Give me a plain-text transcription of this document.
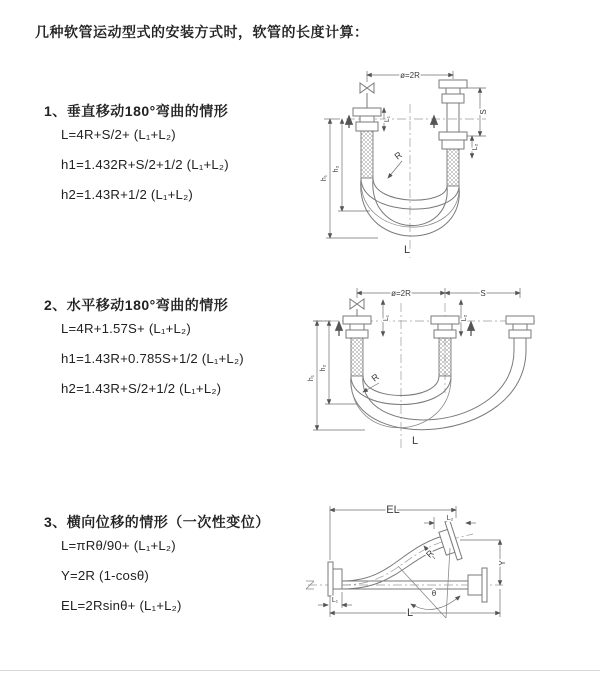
几种软管运动型式的安装方式时，软管的长度计算：
1、垂直移动180°弯曲的情形
L=4R+S/2+ (L₁+L₂)
h1=1.432R+S/2+1/2 (L₁+L₂)
h2=1.43R+1/2 (L₁+L₂)
ø=2R
L₁
S
L₂
h₁
h₂
R
L
2、水平移动180°弯曲的情形
L=4R+1.57S+ (L₁+L₂)
h1=1.43R+0.785S+1/2 (L₁+L₂)
h2=1.43R+S/2+1/2 (L₁+L₂)
ø=2R	S
L₁	L₂
h₁
h₂
R
L
3、横向位移的情形（一次性变位）
L=πRθ/90+ (L₁+L₂)
Y=2R (1-cosθ)
EL=2Rsinθ+ (L₁+L₂)
EL
L₂
Y
θ
R
L₁
L
